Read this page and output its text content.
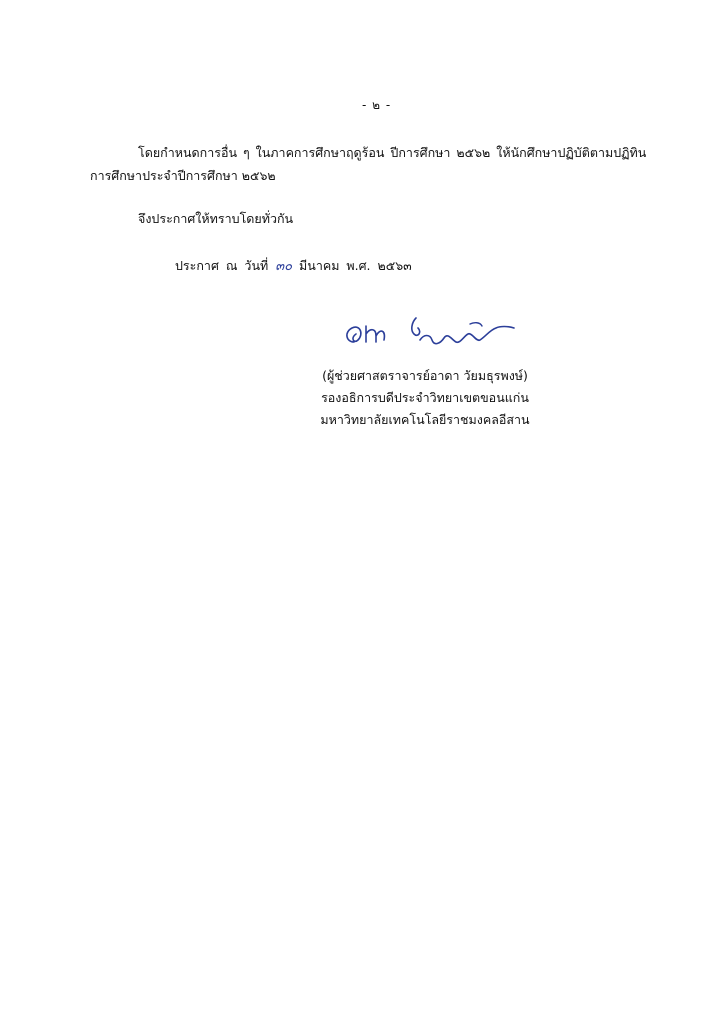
- ๒ -
โดยกำหนดการอื่น ๆ ในภาคการศึกษาฤดูร้อน ปีการศึกษา ๒๕๖๒ ให้นักศึกษาปฏิบัติตามปฏิทิน
การศึกษาประจำปีการศึกษา ๒๕๖๒
จึงประกาศให้ทราบโดยทั่วกัน
ประกาศ ณ วันที่ ๓๐ มีนาคม พ.ศ. ๒๕๖๓
(ผู้ช่วยศาสตราจารย์อาดา วัยมธุรพงษ์)
รองอธิการบดีประจำวิทยาเขตขอนแก่น
มหาวิทยาลัยเทคโนโลยีราชมงคลอีสาน
